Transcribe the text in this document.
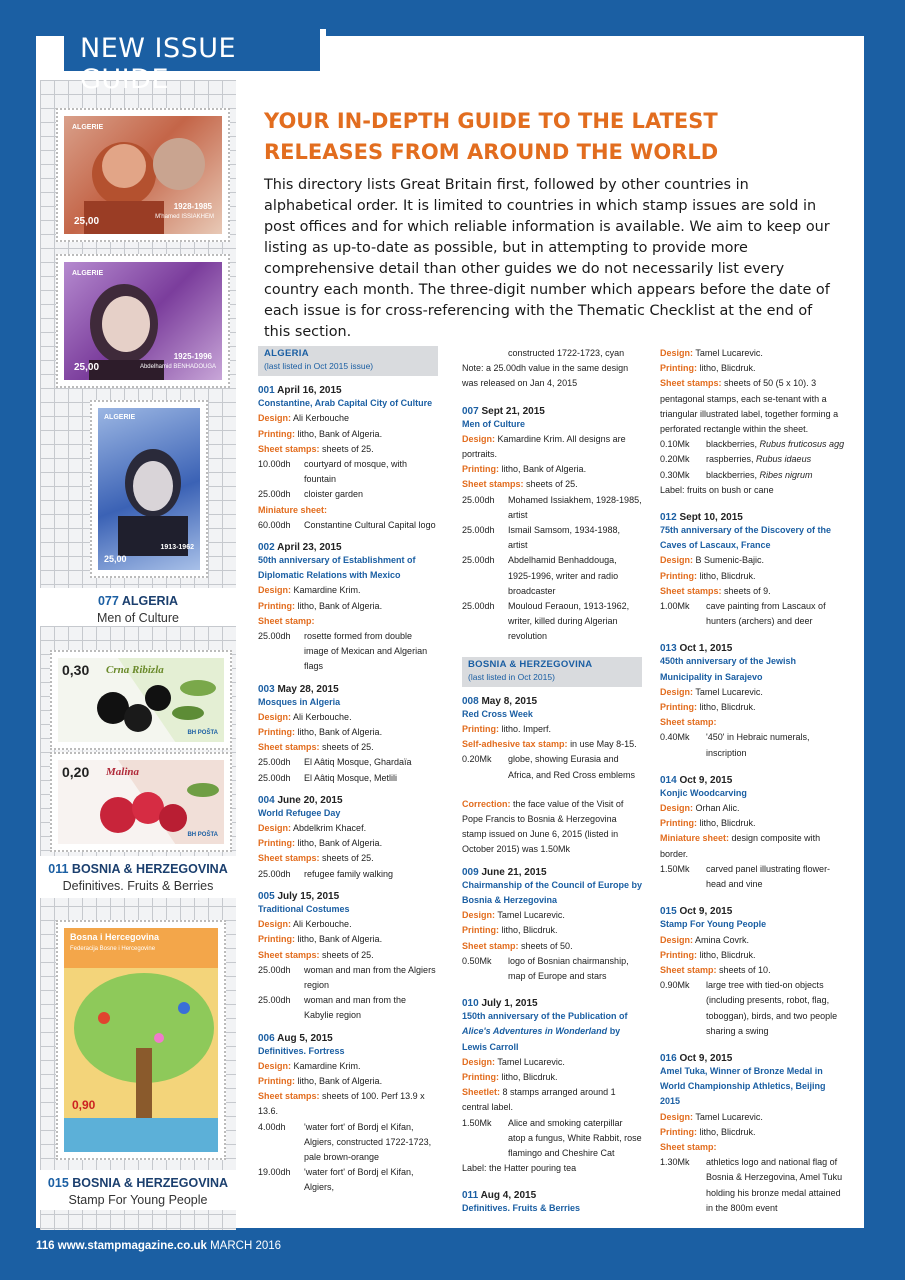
NEW ISSUE GUIDE
ALGERIE
25,00
1928-1985
M'hamed ISSIAKHEM
ALGERIE
25,00
1925-1996
Abdelhamid BENHADOUGA
ALGERIE
25,00
1913-1962
077 ALGERIA
Men of Culture
0,30 Crna Ribizla
BH POŠTA
0,20 Malina
BH POŠTA
011 BOSNIA & HERZEGOVINA
Definitives. Fruits & Berries
Bosna i Hercegovina
Federacija Bosne i Hercegovine
0,90
015 BOSNIA & HERZEGOVINA
Stamp For Young People
YOUR IN-DEPTH GUIDE TO THE LATEST
RELEASES FROM AROUND THE WORLD
This directory lists Great Britain first, followed by other countries in alphabetical order. It is limited to countries in which stamp issues are sold in post offices and for which reliable information is available. We aim to keep our listing as up-to-date as possible, but in attempting to provide more comprehensive detail than other guides we do not necessarily list every country each month. The three-digit number which appears before the date of each issue is for cross-referencing with the Thematic Checklist at the end of this section.
ALGERIA
(last listed in Oct 2015 issue)
001 April 16, 2015
Constantine, Arab Capital City of Culture
Design: Ali Kerbouche
Printing: litho, Bank of Algeria.
Sheet stamps: sheets of 25.
10.00dh	courtyard of mosque, with fountain
25.00dh	cloister garden
Miniature sheet:
60.00dh	Constantine Cultural Capital logo
002 April 23, 2015
50th anniversary of Establishment of Diplomatic Relations with Mexico
Design: Kamardine Krim.
Printing: litho, Bank of Algeria.
Sheet stamp:
25.00dh	rosette formed from double image of Mexican and Algerian flags
003 May 28, 2015
Mosques in Algeria
Design: Ali Kerbouche.
Printing: litho, Bank of Algeria.
Sheet stamps: sheets of 25.
25.00dh	El Aâtiq Mosque, Ghardaïa
25.00dh	El Aâtiq Mosque, Metlili
004 June 20, 2015
World Refugee Day
Design: Abdelkrim Khacef.
Printing: litho, Bank of Algeria.
Sheet stamps: sheets of 25.
25.00dh	refugee family walking
005 July 15, 2015
Traditional Costumes
Design: Ali Kerbouche.
Printing: litho, Bank of Algeria.
Sheet stamps: sheets of 25.
25.00dh	woman and man from the Algiers region
25.00dh	woman and man from the Kabylie region
006 Aug 5, 2015
Definitives. Fortress
Design: Kamardine Krim.
Printing: litho, Bank of Algeria.
Sheet stamps: sheets of 100. Perf 13.9 x 13.6.
4.00dh	'water fort' of Bordj el Kifan, Algiers, constructed 1722-1723, pale brown-orange
19.00dh	'water fort' of Bordj el Kifan, Algiers,
constructed 1722-1723, cyan
Note: a 25.00dh value in the same design was released on Jan 4, 2015
007 Sept 21, 2015
Men of Culture
Design: Kamardine Krim. All designs are portraits.
Printing: litho, Bank of Algeria.
Sheet stamps: sheets of 25.
25.00dh	Mohamed Issiakhem, 1928-1985, artist
25.00dh	Ismail Samsom, 1934-1988, artist
25.00dh	Abdelhamid Benhaddouga, 1925-1996, writer and radio broadcaster
25.00dh	Mouloud Feraoun, 1913-1962, writer, killed during Algerian revolution
BOSNIA & HERZEGOVINA
(last listed in Oct 2015)
008 May 8, 2015
Red Cross Week
Printing: litho. Imperf.
Self-adhesive tax stamp: in use May 8-15.
0.20Mk	globe, showing Eurasia and Africa, and Red Cross emblems
Correction: the face value of the Visit of Pope Francis to Bosnia & Herzegovina stamp issued on June 6, 2015 (listed in October 2015) was 1.50Mk
009 June 21, 2015
Chairmanship of the Council of Europe by Bosnia & Herzegovina
Design: Tamel Lucarevic.
Printing: litho, Blicdruk.
Sheet stamp: sheets of 50.
0.50Mk	logo of Bosnian chairmanship, map of Europe and stars
010 July 1, 2015
150th anniversary of the Publication of Alice's Adventures in Wonderland by Lewis Carroll
Design: Tamel Lucarevic.
Printing: litho, Blicdruk.
Sheetlet: 8 stamps arranged around 1 central label.
1.50Mk	Alice and smoking caterpillar atop a fungus, White Rabbit, rose flamingo and Cheshire Cat
Label: the Hatter pouring tea
011 Aug 4, 2015
Definitives. Fruits & Berries
Design: Tamel Lucarevic.
Printing: litho, Blicdruk.
Sheet stamps: sheets of 50 (5 x 10). 3 pentagonal stamps, each se-tenant with a triangular illustrated label, together forming a perforated rectangle within the sheet.
0.10Mk	blackberries, Rubus fruticosus agg
0.20Mk	raspberries, Rubus idaeus
0.30Mk	blackberries, Ribes nigrum
Label: fruits on bush or cane
012 Sept 10, 2015
75th anniversary of the Discovery of the Caves of Lascaux, France
Design: B Sumenic-Bajic.
Printing: litho, Blicdruk.
Sheet stamps: sheets of 9.
1.00Mk	cave painting from Lascaux of hunters (archers) and deer
013 Oct 1, 2015
450th anniversary of the Jewish Municipality in Sarajevo
Design: Tamel Lucarevic.
Printing: litho, Blicdruk.
Sheet stamp:
0.40Mk	'450' in Hebraic numerals, inscription
014 Oct 9, 2015
Konjic Woodcarving
Design: Orhan Alic.
Printing: litho, Blicdruk.
Miniature sheet: design composite with border.
1.50Mk	carved panel illustrating flower-head and vine
015 Oct 9, 2015
Stamp For Young People
Design: Amina Covrk.
Printing: litho, Blicdruk.
Sheet stamp: sheets of 10.
0.90Mk	large tree with tied-on objects (including presents, robot, flag, toboggan), birds, and two people sharing a swing
016 Oct 9, 2015
Amel Tuka, Winner of Bronze Medal in World Championship Athletics, Beijing 2015
Design: Tamel Lucarevic.
Printing: litho, Blicdruk.
Sheet stamp:
1.30Mk	athletics logo and national flag of Bosnia & Herzegovina, Amel Tuku holding his bronze medal attained in the 800m event
116 www.stampmagazine.co.uk MARCH 2016
